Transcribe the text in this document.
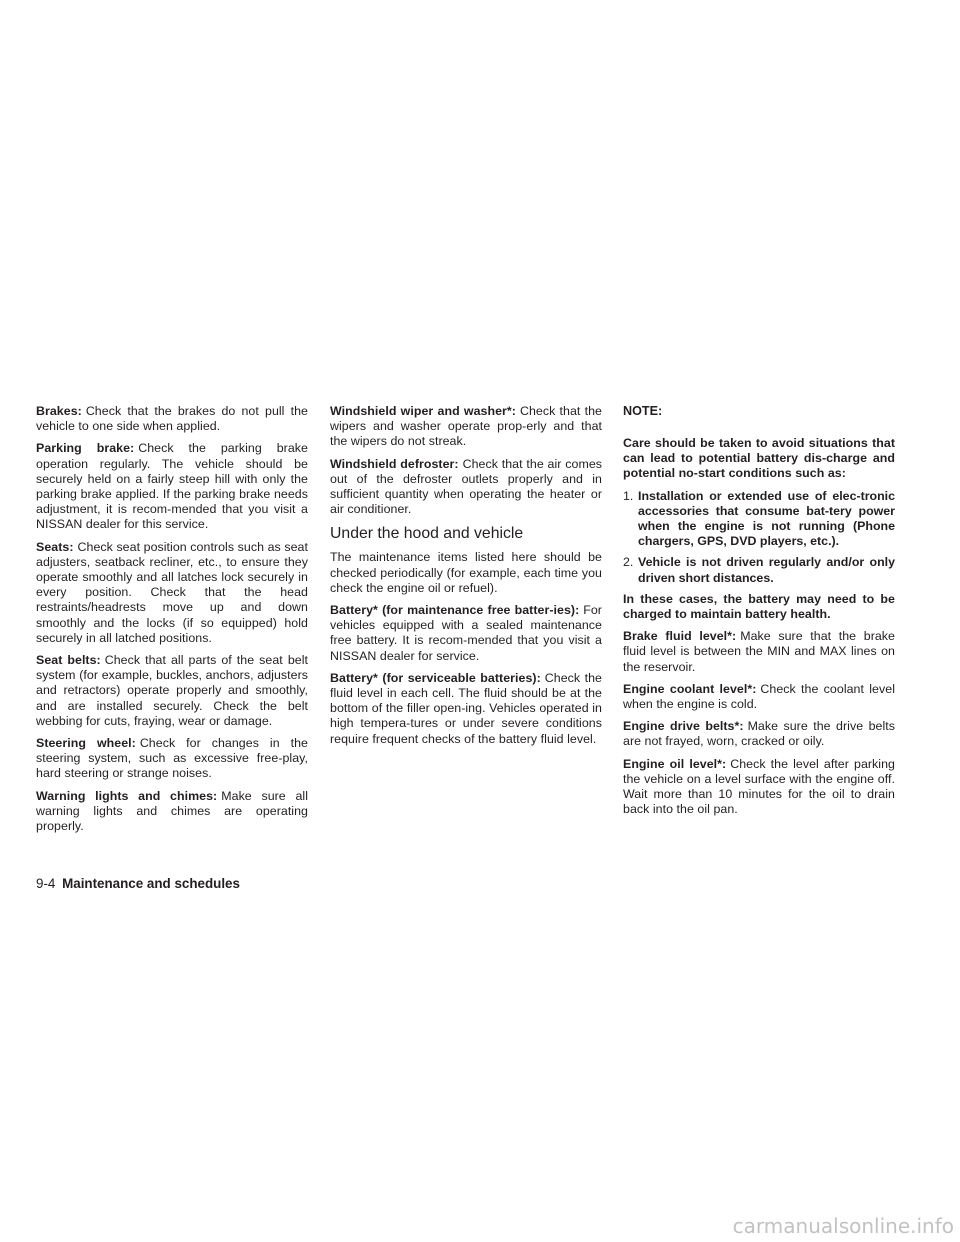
Brakes: Check that the brakes do not pull the vehicle to one side when applied.

Parking brake: Check the parking brake operation regularly. The vehicle should be securely held on a fairly steep hill with only the parking brake applied. If the parking brake needs adjustment, it is recom-mended that you visit a NISSAN dealer for this service.

Seats: Check seat position controls such as seat adjusters, seatback recliner, etc., to ensure they operate smoothly and all latches lock securely in every position. Check that the head restraints/headrests move up and down smoothly and the locks (if so equipped) hold securely in all latched positions.

Seat belts: Check that all parts of the seat belt system (for example, buckles, anchors, adjusters and retractors) operate properly and smoothly, and are installed securely. Check the belt webbing for cuts, fraying, wear or damage.

Steering wheel: Check for changes in the steering system, such as excessive free-play, hard steering or strange noises.

Warning lights and chimes: Make sure all warning lights and chimes are operating properly.

Windshield wiper and washer*: Check that the wipers and washer operate prop-erly and that the wipers do not streak.

Windshield defroster: Check that the air comes out of the defroster outlets properly and in sufficient quantity when operating the heater or air conditioner.

Under the hood and vehicle

The maintenance items listed here should be checked periodically (for example, each time you check the engine oil or refuel).

Battery* (for maintenance free batter-ies): For vehicles equipped with a sealed maintenance free battery. It is recom-mended that you visit a NISSAN dealer for service.

Battery* (for serviceable batteries): Check the fluid level in each cell. The fluid should be at the bottom of the filler open-ing. Vehicles operated in high tempera-tures or under severe conditions require frequent checks of the battery fluid level.

NOTE:

Care should be taken to avoid situations that can lead to potential battery dis-charge and potential no-start conditions such as:

1. Installation or extended use of elec-tronic accessories that consume bat-tery power when the engine is not running (Phone chargers, GPS, DVD players, etc.).
2. Vehicle is not driven regularly and/or only driven short distances.

In these cases, the battery may need to be charged to maintain battery health.

Brake fluid level*: Make sure that the brake fluid level is between the MIN and MAX lines on the reservoir.

Engine coolant level*: Check the coolant level when the engine is cold.

Engine drive belts*: Make sure the drive belts are not frayed, worn, cracked or oily.

Engine oil level*: Check the level after parking the vehicle on a level surface with the engine off. Wait more than 10 minutes for the oil to drain back into the oil pan.

9-4 Maintenance and schedules
carmanualsonline.info
